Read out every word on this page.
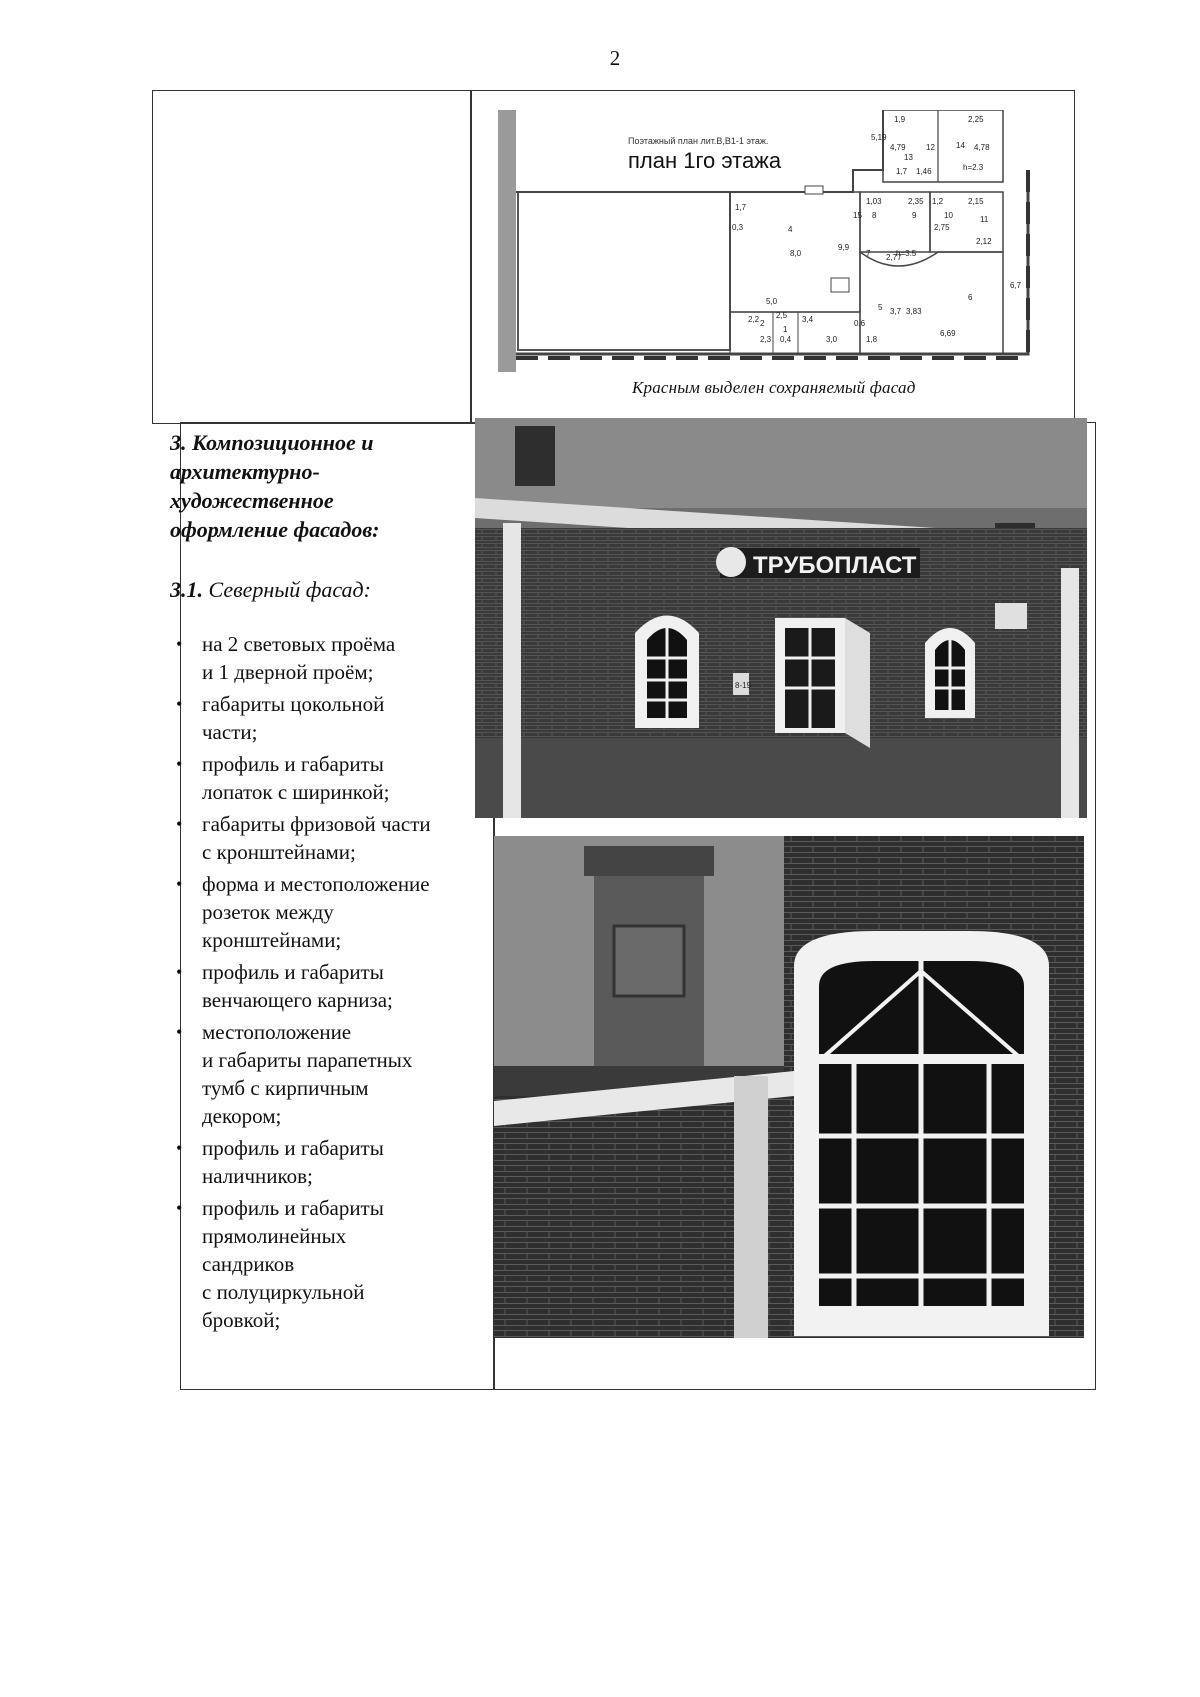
2
Поэтажный план лит.В,В1-1 этаж.
план 1го этажа
1,9	2,25
5,19
4,79	12	14 4,78
13
1,7 1,46	h=2.3
1,7
1,03	2,35 1,2	2,15
8	9	10	11
0,3	4
9,9
2,75
2,12
8,0	7 2,77
h=3.5
6
6,7
5,0
5 3,7 3,83
1
2
2,5
2,2	3,4	0,6
2,3 0,4	3,0	1,8
6,69
15
Красным выделен сохраняемый фасад
3. Композиционное и
архитектурно-
художественное
оформление фасадов:
3.1. Северный фасад:
• на 2 световых проёма
и 1 дверной проём;
• габариты цокольной
части;
• профиль и габариты
лопаток с ширинкой;
• габариты фризовой части
с кронштейнами;
• форма и местоположение
розеток между
кронштейнами;
• профиль и габариты
венчающего карниза;
• местоположение
и габариты парапетных
тумб с кирпичным
декором;
• профиль и габариты
наличников;
• профиль и габариты
прямолинейных
сандриков
с полуциркульной
бровкой;
ТРУБОПЛАСТ
8-19
